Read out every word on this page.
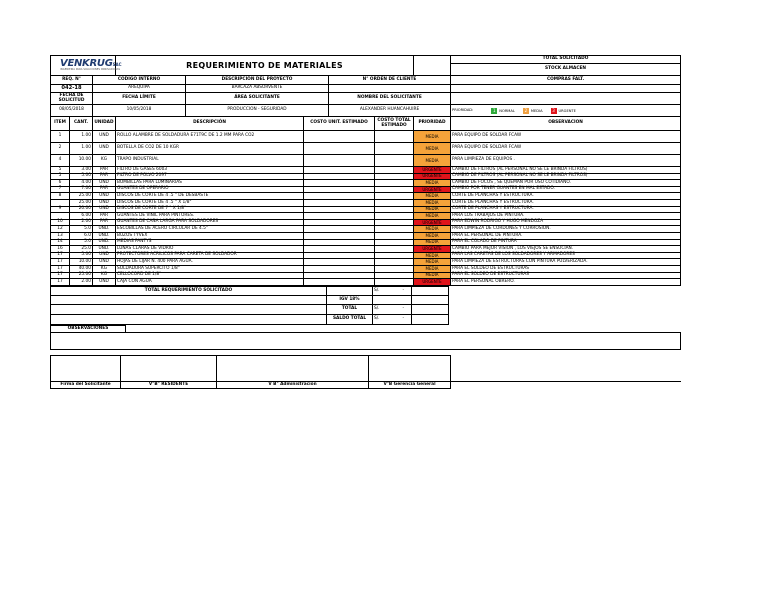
VENKRUGSAC
INGENIERIA PARA SOLUCIONES INNOVADORAS			REQUERIMIENTO DE MATERIALES						TOTAL SOLICITADO
									STOCK ALMACEN
REQ. N°		CODIGO INTERNO		DESCRIPCIÓN DEL PROYECTO		N° ORDEN DE CLIENTE			COMPRAS FALT.
042-18		AREQUIPA		BARCAZA ABSORVENTE					
FECHA DE SOLICITUD		FECHA LÍMITE		ÁREA SOLICITANTE		NOMBRE DEL SOLICITANTE			
08/05/2018		10/05/2018		PRODUCCION - SEGURIDAD		ALEXANDER HUANCAHUIRE			PRIORIDAD: 1 NORMAL 2 MEDIA 3 URGENTE

ITEM	CANT.	UNIDAD	DESCRIPCIÓN		COSTO UNIT. ESTIMADO		COSTO TOTAL ESTIMADO	PRIORIDAD	OBSERVACION
1	1.00	UND	ROLLO ALAMBRE DE SOLDADURA E71T9C DE 1.2 MM PARA CO2					MEDIA	PARA EQUIPO DE SOLDAR FCAW
2	1.00	UND	BOTELLA DE CO2 DE 10 KGR					MEDIA	PARA EQUIPO DE SOLDAR FCAW
4	10.00	KG	TRAPO INDUSTRIAL					MEDIA	PARA LIMPIEZA DE EQUIPOS .
5	3.00	PAR	FILTRO DE GASES 6003					URGENTE	CAMBIO DE FILTROS (AL PERSONAL NO SE LE BRINDA FILTROS)
5	5.00	PAR	FILTRO DE POLVO 2097					URGENTE	CAMBIO DE FILTROS (AL PERSONAL NO SE LE BRINDA FILTROS)
6	4.00	UND	BOMBILLAS PARA LUMINARIAS					MEDIA	CAMBIO DE FOCOS , SE QUEMAN POR USO COTIDIANO.
7	7.00	PAR	GUANTES DE OPERARIO					URGENTE	CAMBIO POR TENER GUANTES EN MAL ESTADO.
8	25.00	UND	DISCOS DE CORTE DE 4 .5 " DE DESBASTE					MEDIA	CORTE DE PLANCHAS Y ESTRUCTURA.
	25.00	UND	DISCOS DE CORTE DE 4 .5 " X 1/8"					MEDIA	CORTE DE PLANCHAS Y ESTRUCTURA.
9	20.00	UND	DISCOS DE CORTE DE 7 " X 1/8"					MEDIA	CORTE DE PLANCHAS Y ESTRUCTURA.
	6.00	PAR	GUANTES DE VINIL PARA PINTORES.					MEDIA	PARA LOS TRABAJOS DE PINTURA.
10	2.00	PAR	GUANTES DE CAÑA LARGA PARA SOLDADORES					URGENTE	PARA EDWIN RODRIGO Y HUGO MENDOZA
12	5.0	UND.	ESCOBILLAS DE ACERO CIRCULAR DE 4.5"					MEDIA	PARA LIMPIEZA DE CORDONES Y CORROSION.
13	6.0	UND.	BUZOS TYVEX					MEDIA	PARA EL PERSONAL DE PINTURA.
14	5.0	UND.	MEDIAS PANTYS					MEDIA	PARA EL COLADO DE PINTURA
16	25.0	UND.	LUNAS CLARAS DE VIDRIO					URGENTE	CAMBIO PARA MEJOR VISION , LOS VIEJOS SE ENSUCIAN.
17	5.00	UND	PROTECTORES ACRILICOS PARA CARETA DE SOLDADOR					MEDIA	PARA LAS CARETAS DE LOS SOLDADORES Y ARMADORES
17	10.00	UND	HOJAS DE LIJAR N. 400 PARA AGUA.					MEDIA	PARA LIMPIEZA DE ESTRUCTURAS CON PINTURA PULVERIZADA.
17	40.00	KG	SOLDADURA SUPERCITO 1/8"					MEDIA	PARA EL SOLDEO DE ESTRUCTURAS
17	25.00	KG	CELLOCORD DE 1/8"					MEDIA	PARA EL SOLDEO DE ESTRUCTURAS
17	2.00	UND	CAJA CON AGUA					URGENTE	PARA EL PERSONAL OBRERO.
TOTAL REQUERIMIENTO SOLICITADO		S/. -		

	IGV 18%			
	TOTAL	S/. -		

	SALDO TOTAL	S/. -		

OBSERVACIONES	

Firma del Solicitante	V°B° RESIDENTE	V B° Administración	V°B Gerencia General	
